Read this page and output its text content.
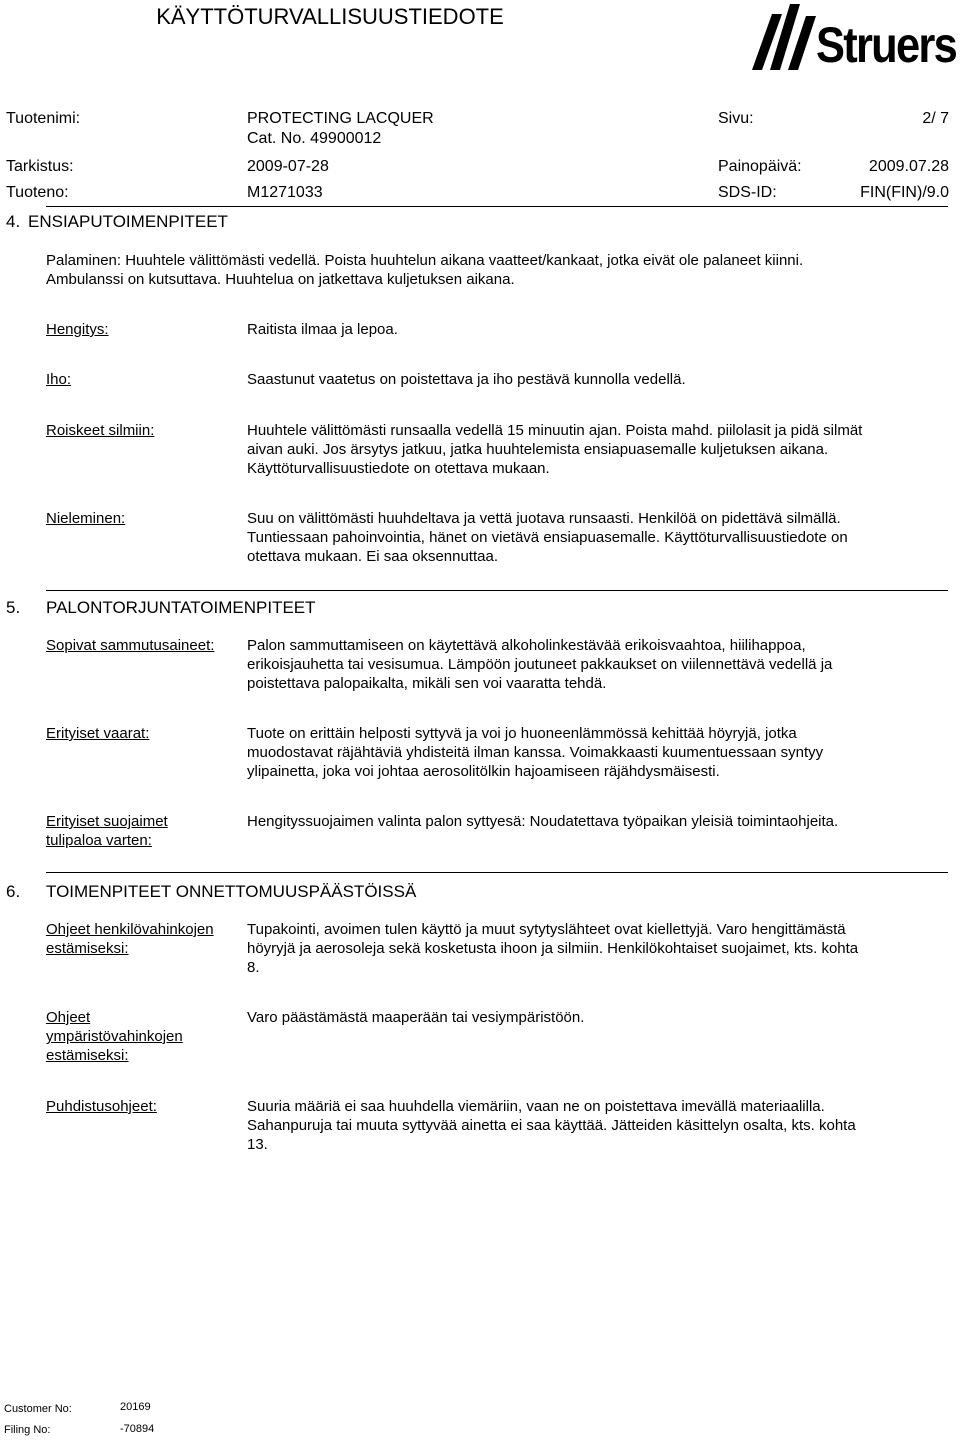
KÄYTTÖTURVALLISUUSTIEDOTE
Struers
Tuotenimi:	PROTECTING LACQUER
Cat. No. 49900012
Sivu:	2/ 7
Tarkistus:	2009-07-28	Painopäivä:	2009.07.28
Tuoteno:	M1271033	SDS-ID:	FIN(FIN)/9.0
4. ENSIAPUTOIMENPITEET
Palaminen: Huuhtele välittömästi vedellä. Poista huuhtelun aikana vaatteet/kankaat, jotka eivät ole palaneet kiinni.
Ambulanssi on kutsuttava. Huuhtelua on jatkettava kuljetuksen aikana.
Hengitys:	Raitista ilmaa ja lepoa.
Iho:	Saastunut vaatetus on poistettava ja iho pestävä kunnolla vedellä.
Roiskeet silmiin:	Huuhtele välittömästi runsaalla vedellä 15 minuutin ajan. Poista mahd. piilolasit ja pidä silmät
aivan auki. Jos ärsytys jatkuu, jatka huuhtelemista ensiapuasemalle kuljetuksen aikana.
Käyttöturvallisuustiedote on otettava mukaan.
Nieleminen:	Suu on välittömästi huuhdeltava ja vettä juotava runsaasti. Henkilöä on pidettävä silmällä.
Tuntiessaan pahoinvointia, hänet on vietävä ensiapuasemalle. Käyttöturvallisuustiedote on
otettava mukaan. Ei saa oksennuttaa.
5. PALONTORJUNTATOIMENPITEET
Sopivat sammutusaineet: Palon sammuttamiseen on käytettävä alkoholinkestävää erikoisvaahtoa, hiilihappoa,
erikoisjauhetta tai vesisumua. Lämpöön joutuneet pakkaukset on viilennettävä vedellä ja
poistettava palopaikalta, mikäli sen voi vaaratta tehdä.
Erityiset vaarat:	Tuote on erittäin helposti syttyvä ja voi jo huoneenlämmössä kehittää höyryjä, jotka
muodostavat räjähtäviä yhdisteitä ilman kanssa. Voimakkaasti kuumentuessaan syntyy
ylipainetta, joka voi johtaa aerosolitölkin hajoamiseen räjähdysmäisesti.
Erityiset suojaimet
tulipaloa varten:
Hengityssuojaimen valinta palon syttyesä: Noudatettava työpaikan yleisiä toimintaohjeita.
6. TOIMENPITEET ONNETTOMUUSPÄÄSTÖISSÄ
Ohjeet henkilövahinkojen
estämiseksi:
Tupakointi, avoimen tulen käyttö ja muut sytytyslähteet ovat kiellettyjä. Varo hengittämästä
höyryjä ja aerosoleja sekä kosketusta ihoon ja silmiin. Henkilökohtaiset suojaimet, kts. kohta
8.
Ohjeet
ympäristövahinkojen
estämiseksi:
Varo päästämästä maaperään tai vesiympäristöön.
Puhdistusohjeet:	Suuria määriä ei saa huuhdella viemäriin, vaan ne on poistettava imevällä materiaalilla.
Sahanpuruja tai muuta syttyvää ainetta ei saa käyttää. Jätteiden käsittelyn osalta, kts. kohta
13.
Customer No:	20169
Filing No:	-70894
